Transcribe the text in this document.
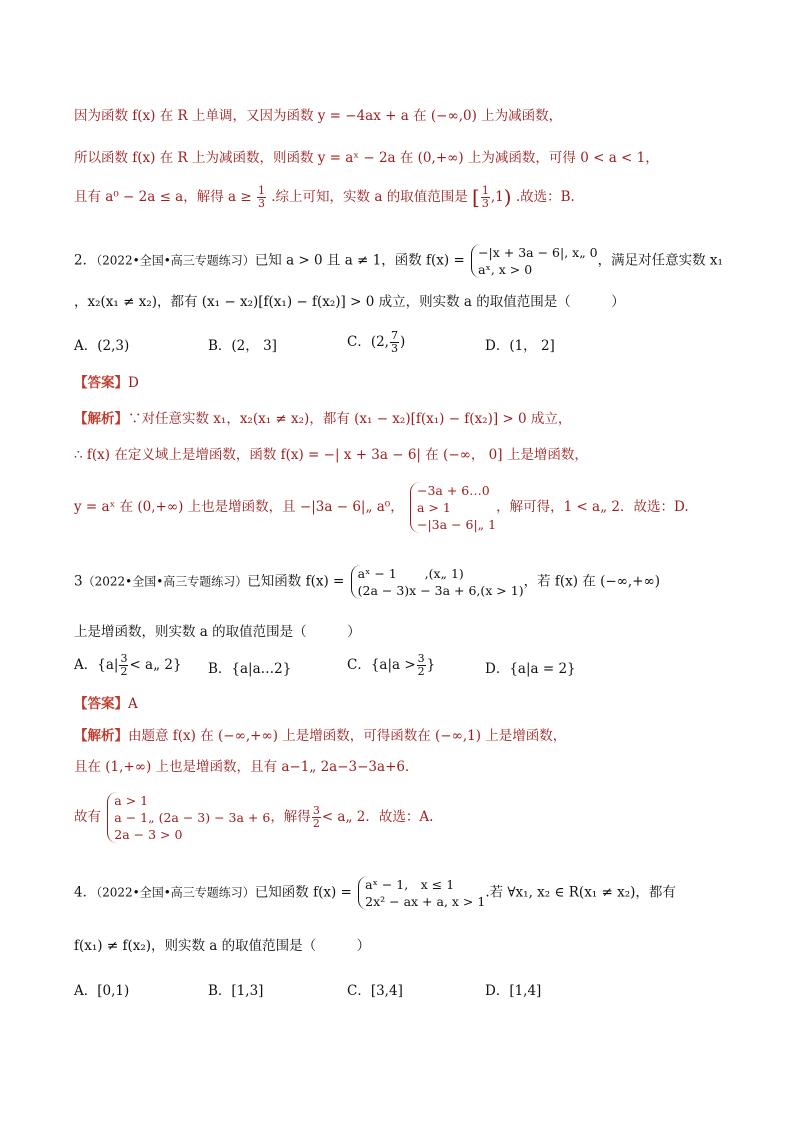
因为函数 f(x) 在 R 上单调，又因为函数 y = −4ax + a 在 (−∞,0) 上为减函数，
所以函数 f(x) 在 R 上为减函数，则函数 y = aˣ − 2a 在 (0,+∞) 上为减函数，可得 0 < a < 1，
且有 a⁰ − 2a ≤ a，解得 $a \ge \frac{1}{3}$ .综上可知，实数 a 的取值范围是 [ $\frac{1}{3} ,1$) .故选：B.
2．（2022•全国•高三专题练习）已知 a > 0 且 a ≠ 1，函数 f(x) = −|x + 3a − 6|, x„ 0
aˣ, x > 0
，满足对任意实数 x₁
，x₂(x₁ ≠ x₂)，都有 (x₁ − x₂)[f(x₁) − f(x₂)] > 0 成立，则实数 a 的取值范围是（　　　）
A．(2,3)	B．(2， 3]	C．(2, $\frac{7}{3}$ )	D．(1， 2]
【答案】D
【解析】∵对任意实数 x₁，x₂(x₁ ≠ x₂)，都有 (x₁ − x₂)[f(x₁) − f(x₂)] > 0 成立，
∴ f(x) 在定义域上是增函数，函数 f(x) = −| x + 3a − 6| 在 (−∞， 0] 上是增函数，
y = aˣ 在 (0,+∞) 上也是增函数，且 −|3a − 6|„ a⁰，
−3a + 6…0
a > 1
−|3a − 6|„ 1
，解可得，1 < a„ 2．故选：D.
3（2022•全国•高三专题练习）已知函数 f(x) = aˣ − 1 ,(x„ 1)
(2a − 3)x − 3a + 6,(x > 1)
，若 f(x) 在 (−∞,+∞)
上是增函数，则实数 a 的取值范围是（　　　）
A．{$a| \frac{3}{2}$ < a„ 2} B．{a|a…2}	C．{$a|a > \frac{3}{2}$ }	D．{a|a = 2}
【答案】A
【解析】由题意 f(x) 在 (−∞,+∞) 上是增函数，可得函数在 (−∞,1) 上是增函数，
且在 (1,+∞) 上也是增函数，且有 a−1„ 2a−3−3a+6．
故有
a > 1
a − 1„ (2a − 3) − 3a + 6
2a − 3 > 0
，解得 $\frac{3}{2}$ < a„ 2．故选：A.
4．（2022•全国•高三专题练习）已知函数 f(x) = aˣ − 1,　x ≤ 1
2x² − ax + a, x > 1
.若 ∀x₁, x₂ ∈ R(x₁ ≠ x₂)，都有
f(x₁) ≠ f(x₂)，则实数 a 的取值范围是（　　　）
A．[0,1)	B．[1,3]	C．[3,4]	D．[1,4]
